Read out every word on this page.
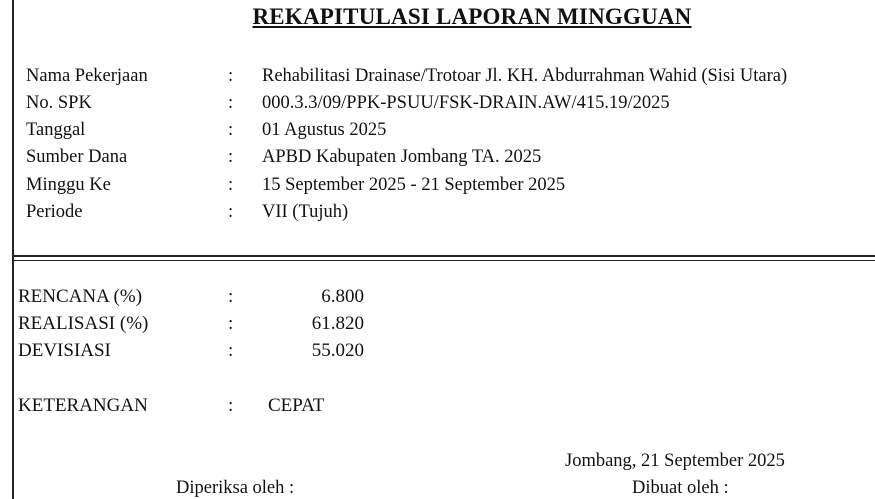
REKAPITULASI LAPORAN MINGGUAN
Nama Pekerjaan	: Rehabilitasi Drainase/Trotoar Jl. KH. Abdurrahman Wahid (Sisi Utara)
No. SPK	: 000.3.3/09/PPK-PSUU/FSK-DRAIN.AW/415.19/2025
Tanggal	: 01 Agustus 2025
Sumber Dana	: APBD Kabupaten Jombang TA. 2025
Minggu Ke	: 15 September 2025 - 21 September 2025
Periode	: VII (Tujuh)
RENCANA (%)	:	6.800
REALISASI (%)	:	61.820
DEVISIASI	:	55.020
KETERANGAN	: CEPAT
Jombang, 21 September 2025
Diperiksa oleh :	Dibuat oleh :
